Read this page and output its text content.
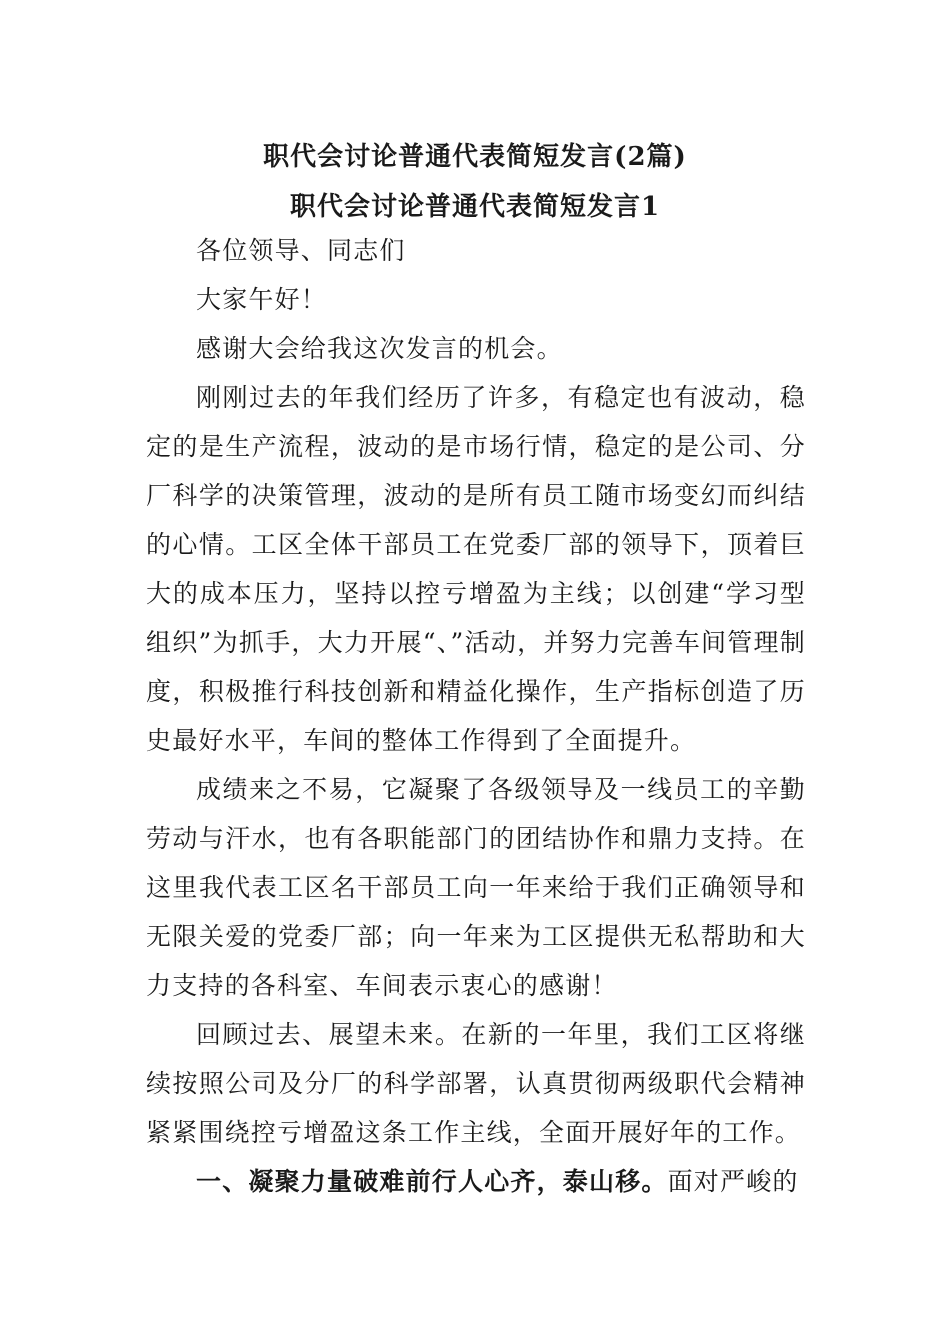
职代会讨论普通代表简短发言(2篇)
职代会讨论普通代表简短发言1

各位领导、同志们

大家午好！

感谢大会给我这次发言的机会。

刚刚过去的年我们经历了许多，有稳定也有波动，稳定的是生产流程，波动的是市场行情，稳定的是公司、分厂科学的决策管理，波动的是所有员工随市场变幻而纠结的心情。工区全体干部员工在党委厂部的领导下，顶着巨大的成本压力，坚持以控亏增盈为主线；以创建“学习型组织”为抓手，大力开展“、”活动，并努力完善车间管理制度，积极推行科技创新和精益化操作，生产指标创造了历史最好水平，车间的整体工作得到了全面提升。

成绩来之不易，它凝聚了各级领导及一线员工的辛勤劳动与汗水，也有各职能部门的团结协作和鼎力支持。在这里我代表工区名干部员工向一年来给于我们正确领导和无限关爱的党委厂部；向一年来为工区提供无私帮助和大力支持的各科室、车间表示衷心的感谢！

回顾过去、展望未来。在新的一年里，我们工区将继续按照公司及分厂的科学部署，认真贯彻两级职代会精神紧紧围绕控亏增盈这条工作主线，全面开展好年的工作。

一、凝聚力量破难前行人心齐，泰山移。面对严峻的
